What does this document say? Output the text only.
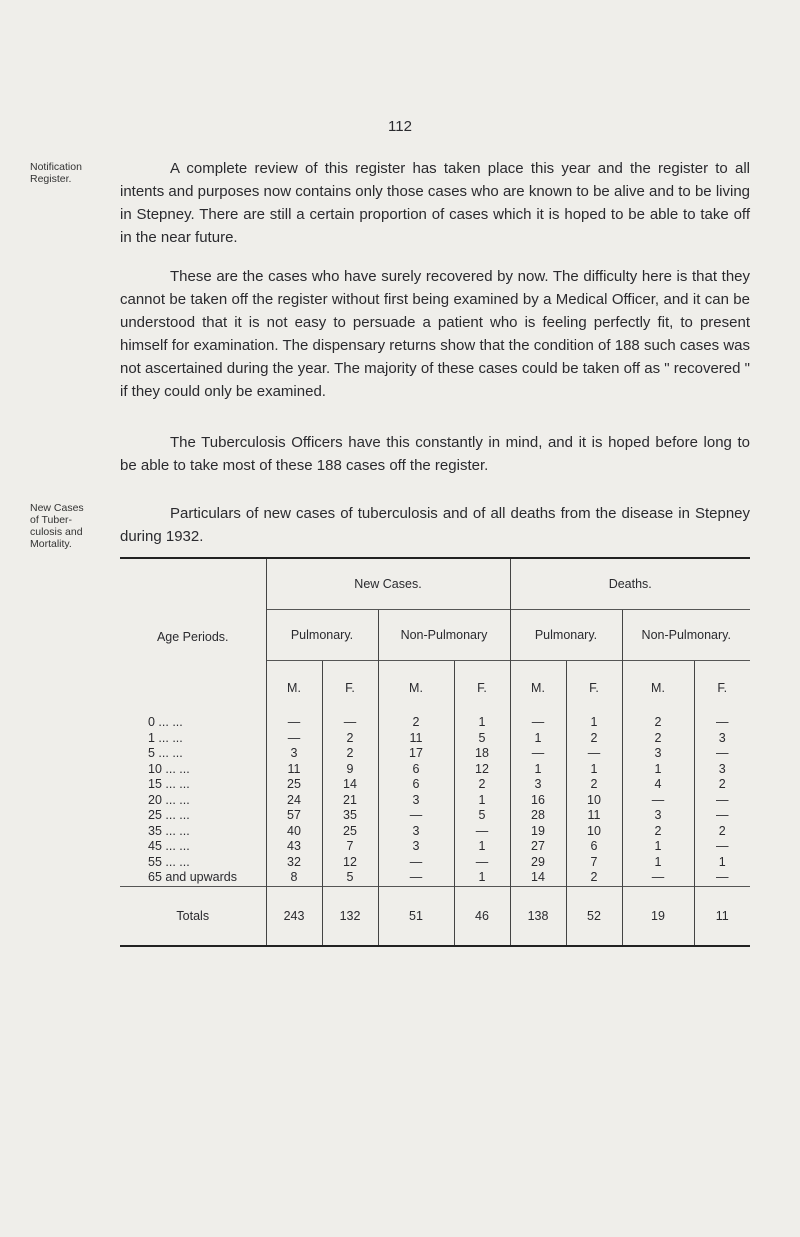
112
Notification
Register.
New Cases
of Tuber-
culosis and
Mortality.
A complete review of this register has taken place this year and the register to all intents and purposes now contains only those cases who are known to be alive and to be living in Stepney. There are still a certain proportion of cases which it is hoped to be able to take off in the near future.
These are the cases who have surely recovered by now. The difficulty here is that they cannot be taken off the register without first being examined by a Medical Officer, and it can be understood that it is not easy to persuade a patient who is feeling perfectly fit, to present himself for examination. The dispensary returns show that the condition of 188 such cases was not ascertained during the year. The majority of these cases could be taken off as " recovered " if they could only be examined.
The Tuberculosis Officers have this constantly in mind, and it is hoped before long to be able to take most of these 188 cases off the register.
Particulars of new cases of tuberculosis and of all deaths from the disease in Stepney during 1932.
Age Periods.	New Cases.				Deaths.			
	Pulmonary.		Non-Pulmonary		Pulmonary.		Non-Pulmonary.	
	M.	F.	M.	F.	M.	F.	M.	F.
0 ... ...	—	—	2	1	—	1	2	—
1 ... ...	—	2	11	5	1	2	2	3
5 ... ...	3	2	17	18	—	—	3	—
10 ... ...	11	9	6	12	1	1	1	3
15 ... ...	25	14	6	2	3	2	4	2
20 ... ...	24	21	3	1	16	10	—	—
25 ... ...	57	35	—	5	28	11	3	—
35 ... ...	40	25	3	—	19	10	2	2
45 ... ...	43	7	3	1	27	6	1	—
55 ... ...	32	12	—	—	29	7	1	1
65 and upwards	8	5	—	1	14	2	—	—
Totals	243	132	51	46	138	52	19	11
